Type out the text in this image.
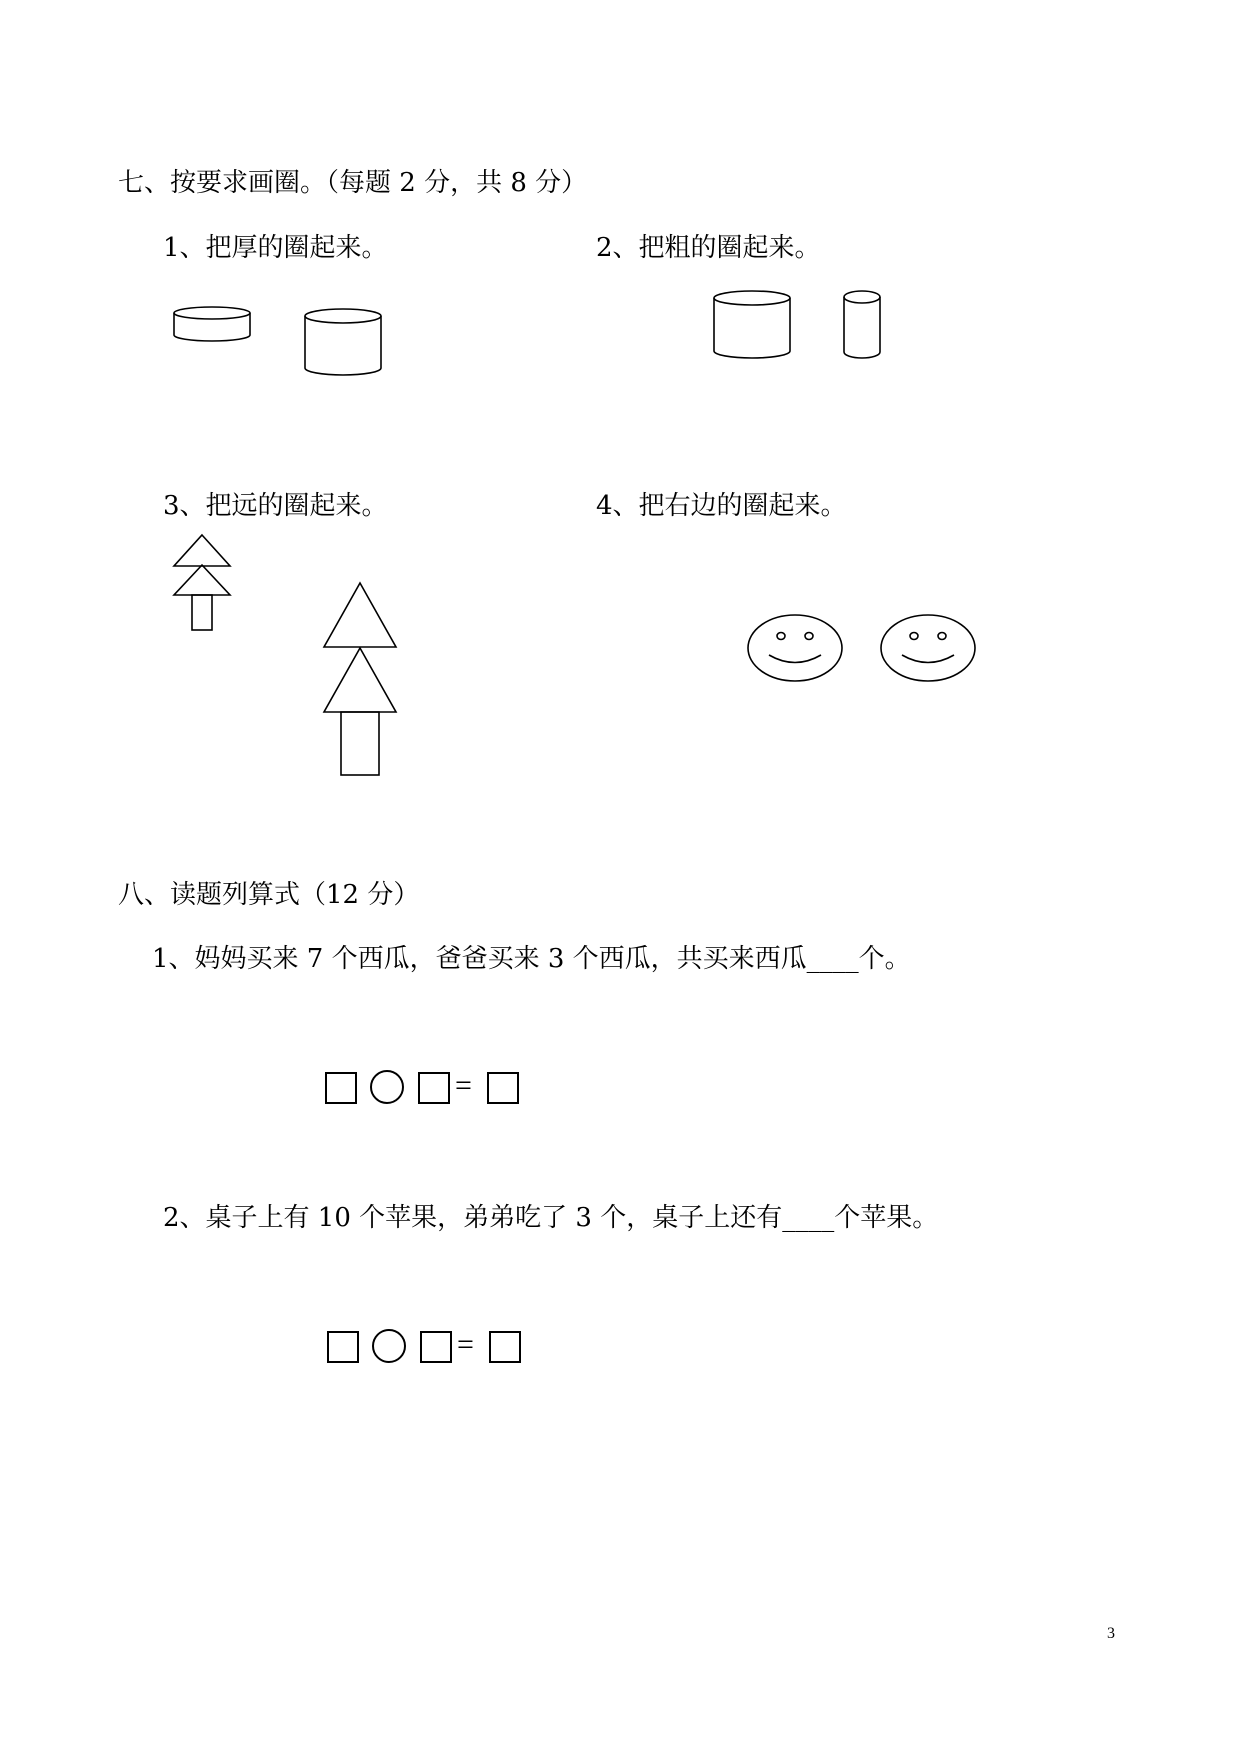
七、按要求画圈。（每题 2 分，共 8 分）
1、把厚的圈起来。	2、把粗的圈起来。
3、把远的圈起来。	4、把右边的圈起来。
八、读题列算式（12 分）
1、妈妈买来 7 个西瓜，爸爸买来 3 个西瓜，共买来西瓜____个。
=
2、桌子上有 10 个苹果，弟弟吃了 3 个，桌子上还有____个苹果。
=
3
